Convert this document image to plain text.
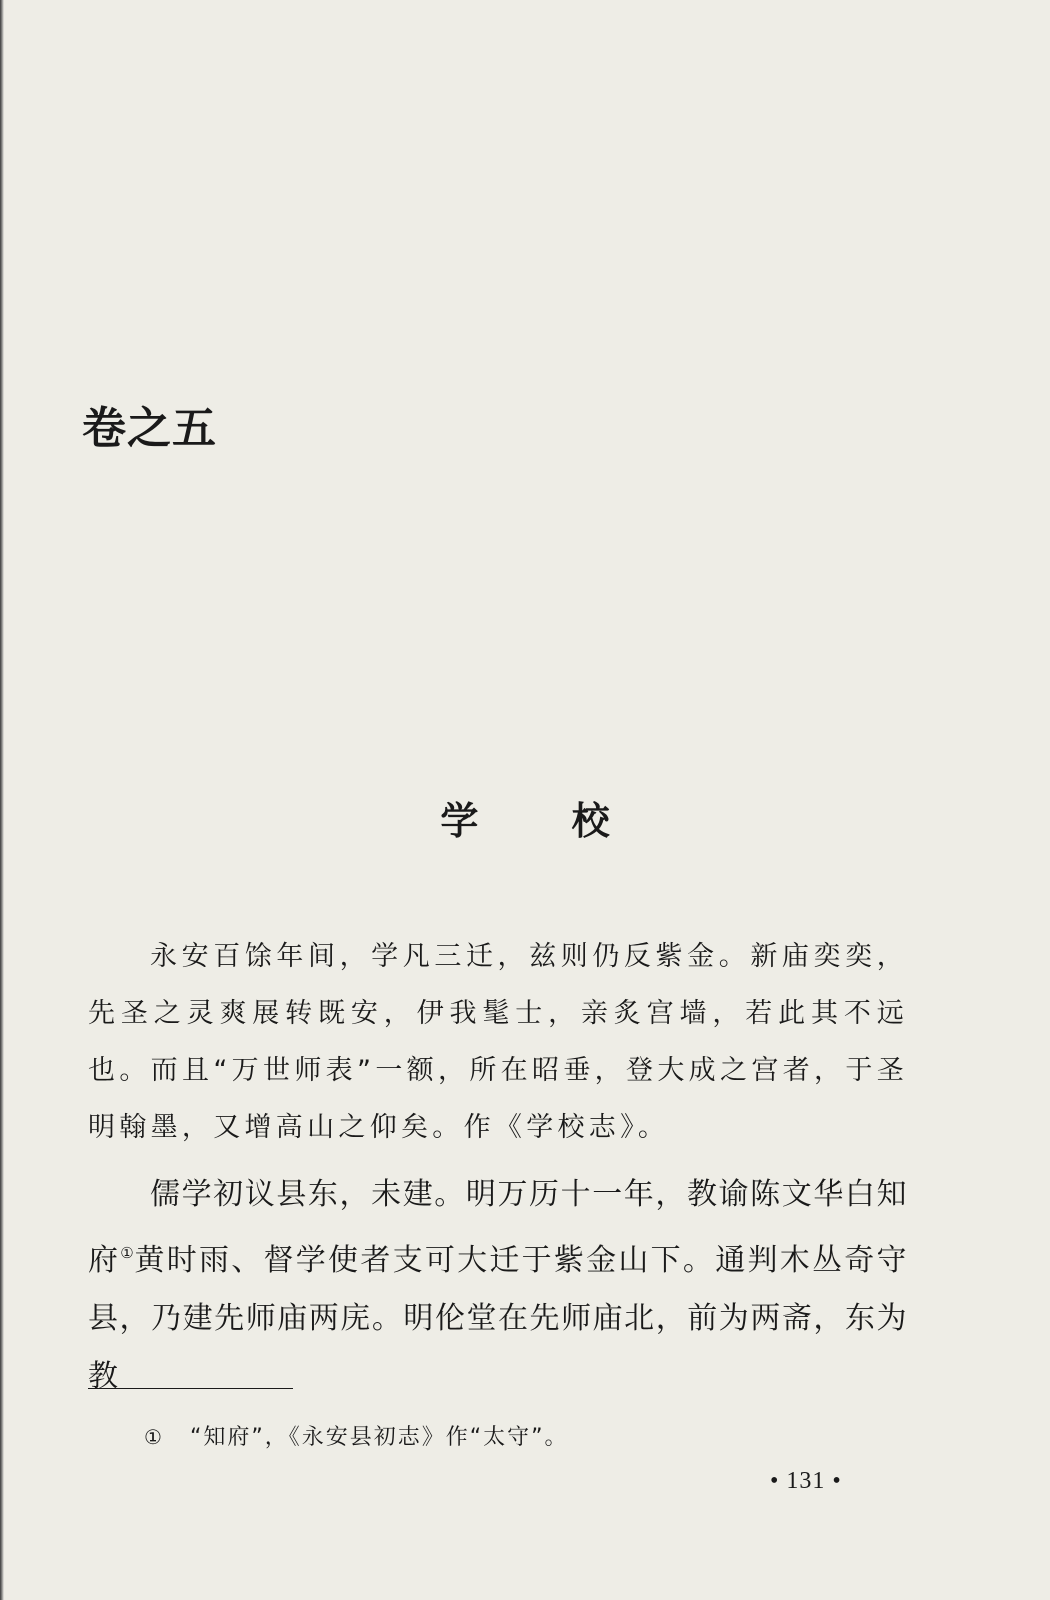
卷之五
学 校

永安百馀年间，学凡三迁，兹则仍反紫金。新庙奕奕，先圣之灵爽展转既安，伊我髦士，亲炙宫墙，若此其不远也。而且“万世师表”一额，所在昭垂，登大成之宫者，于圣明翰墨，又增高山之仰矣。作《学校志》。

儒学初议县东，未建。明万历十一年，教谕陈文华白知府①黄时雨、督学使者支可大迁于紫金山下。通判木丛奇守县，乃建先师庙两庑。明伦堂在先师庙北，前为两斋，东为教

① “知府”，《永安县初志》作“太守”。
• 131 •
